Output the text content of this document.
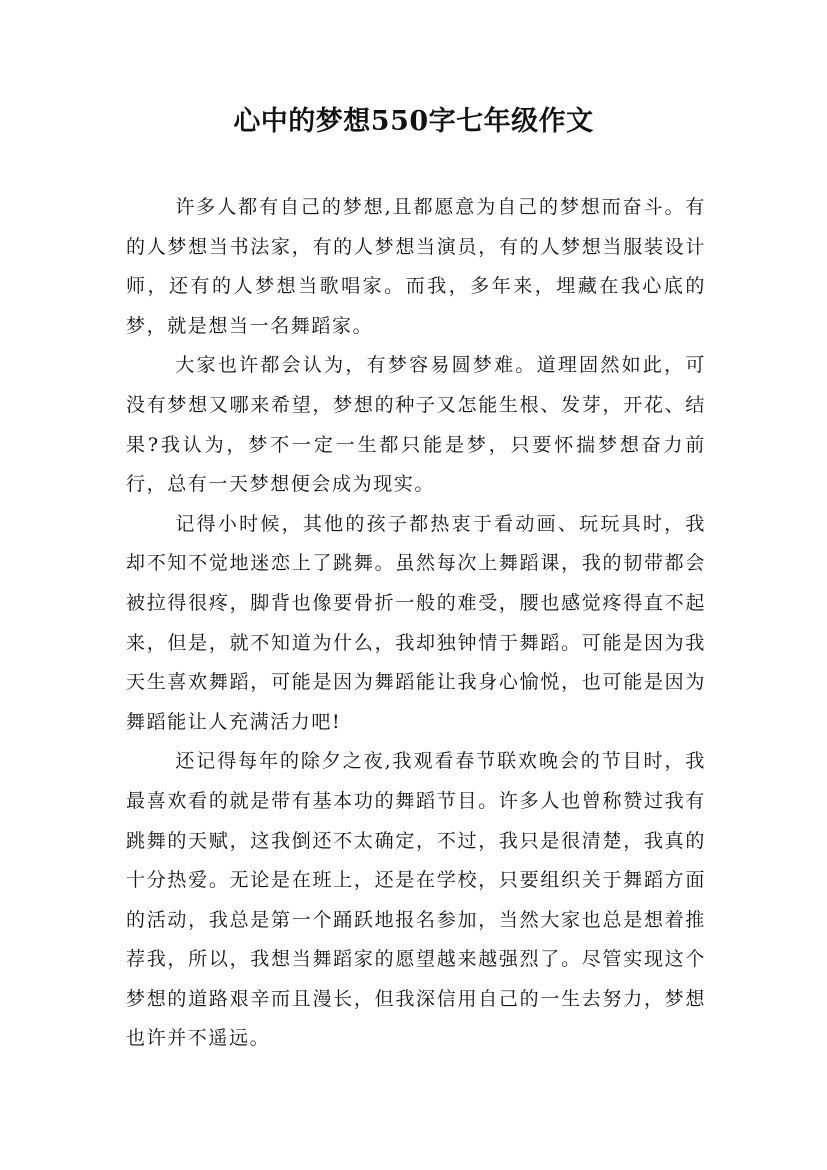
心中的梦想550字七年级作文

许多人都有自己的梦想,且都愿意为自己的梦想而奋斗。有的人梦想当书法家，有的人梦想当演员，有的人梦想当服装设计师，还有的人梦想当歌唱家。而我，多年来，埋藏在我心底的梦，就是想当一名舞蹈家。

大家也许都会认为，有梦容易圆梦难。道理固然如此，可没有梦想又哪来希望，梦想的种子又怎能生根、发芽，开花、结果?我认为，梦不一定一生都只能是梦，只要怀揣梦想奋力前行，总有一天梦想便会成为现实。

记得小时候，其他的孩子都热衷于看动画、玩玩具时，我却不知不觉地迷恋上了跳舞。虽然每次上舞蹈课，我的韧带都会被拉得很疼，脚背也像要骨折一般的难受，腰也感觉疼得直不起来，但是，就不知道为什么，我却独钟情于舞蹈。可能是因为我天生喜欢舞蹈，可能是因为舞蹈能让我身心愉悦，也可能是因为舞蹈能让人充满活力吧!

还记得每年的除夕之夜,我观看春节联欢晚会的节目时，我最喜欢看的就是带有基本功的舞蹈节目。许多人也曾称赞过我有跳舞的天赋，这我倒还不太确定，不过，我只是很清楚，我真的十分热爱。无论是在班上，还是在学校，只要组织关于舞蹈方面的活动，我总是第一个踊跃地报名参加，当然大家也总是想着推荐我，所以，我想当舞蹈家的愿望越来越强烈了。尽管实现这个梦想的道路艰辛而且漫长，但我深信用自己的一生去努力，梦想也许并不遥远。
